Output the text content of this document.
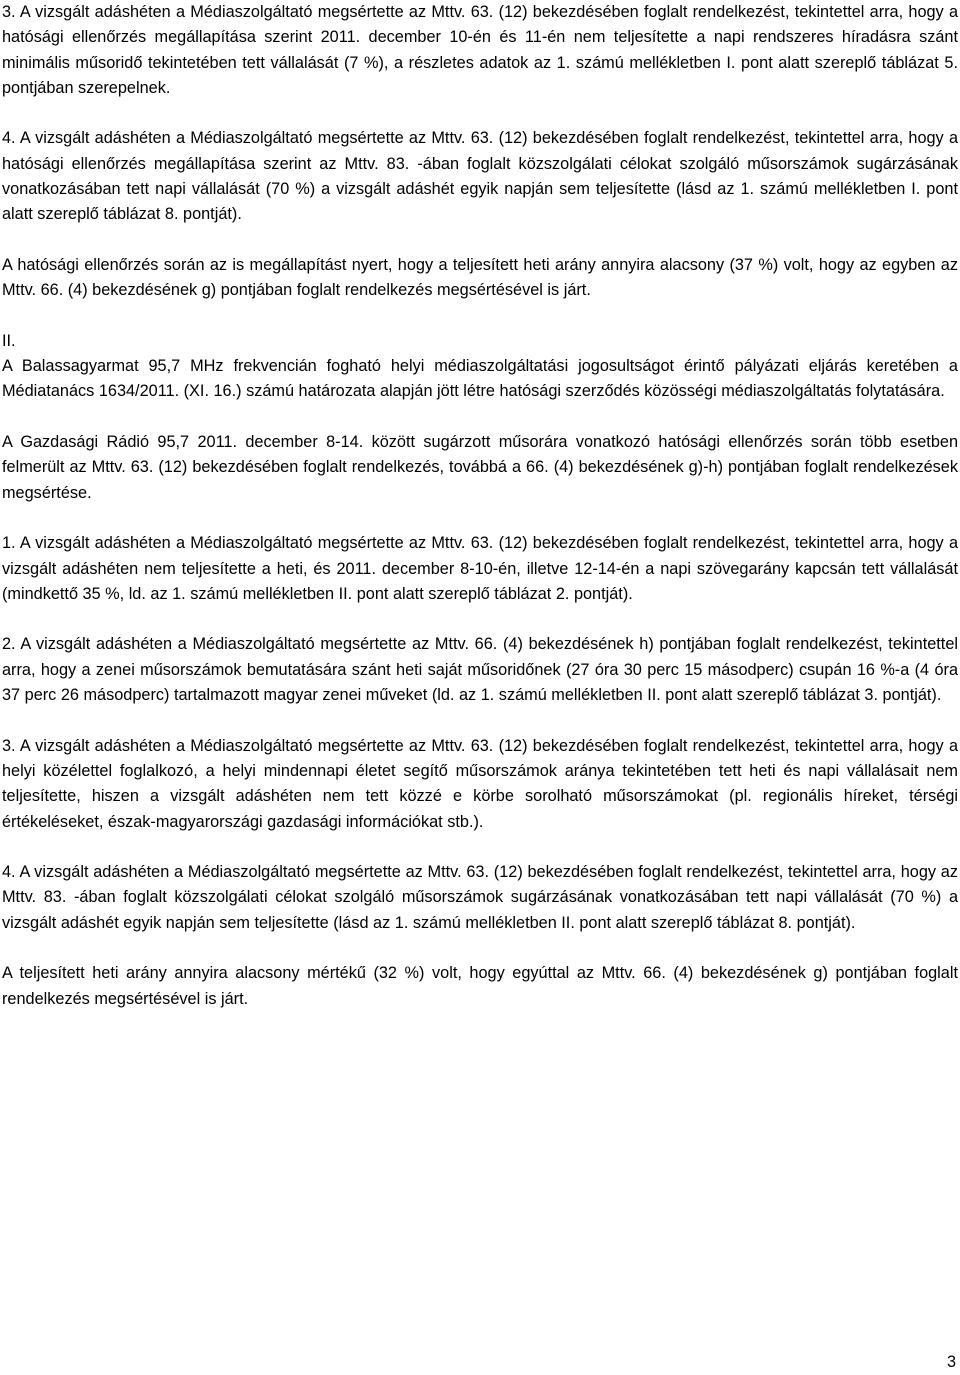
3. A vizsgált adáshéten a Médiaszolgáltató megsértette az Mttv. 63. (12) bekezdésében foglalt rendelkezést, tekintettel arra, hogy a hatósági ellenőrzés megállapítása szerint 2011. december 10-én és 11-én nem teljesítette a napi rendszeres híradásra szánt minimális műsoridő tekintetében tett vállalását (7 %), a részletes adatok az 1. számú mellékletben I. pont alatt szereplő táblázat 5. pontjában szerepelnek.

4. A vizsgált adáshéten a Médiaszolgáltató megsértette az Mttv. 63. (12) bekezdésében foglalt rendelkezést, tekintettel arra, hogy a hatósági ellenőrzés megállapítása szerint az Mttv. 83. -ában foglalt közszolgálati célokat szolgáló műsorszámok sugárzásának vonatkozásában tett napi vállalását (70 %) a vizsgált adáshét egyik napján sem teljesítette (lásd az 1. számú mellékletben I. pont alatt szereplő táblázat 8. pontját).

A hatósági ellenőrzés során az is megállapítást nyert, hogy a teljesített heti arány annyira alacsony (37 %) volt, hogy az egyben az Mttv. 66. (4) bekezdésének g) pontjában foglalt rendelkezés megsértésével is járt.

II.

A Balassagyarmat 95,7 MHz frekvencián fogható helyi médiaszolgáltatási jogosultságot érintő pályázati eljárás keretében a Médiatanács 1634/2011. (XI. 16.) számú határozata alapján jött létre hatósági szerződés közösségi médiaszolgáltatás folytatására.

A Gazdasági Rádió 95,7 2011. december 8-14. között sugárzott műsorára vonatkozó hatósági ellenőrzés során több esetben felmerült az Mttv. 63. (12) bekezdésében foglalt rendelkezés, továbbá a 66. (4) bekezdésének g)-h) pontjában foglalt rendelkezések megsértése.

1. A vizsgált adáshéten a Médiaszolgáltató megsértette az Mttv. 63. (12) bekezdésében foglalt rendelkezést, tekintettel arra, hogy a vizsgált adáshéten nem teljesítette a heti, és 2011. december 8-10-én, illetve 12-14-én a napi szövegarány kapcsán tett vállalását (mindkettő 35 %, ld. az 1. számú mellékletben II. pont alatt szereplő táblázat 2. pontját).

2. A vizsgált adáshéten a Médiaszolgáltató megsértette az Mttv. 66. (4) bekezdésének h) pontjában foglalt rendelkezést, tekintettel arra, hogy a zenei műsorszámok bemutatására szánt heti saját műsoridőnek (27 óra 30 perc 15 másodperc) csupán 16 %-a (4 óra 37 perc 26 másodperc) tartalmazott magyar zenei műveket (ld. az 1. számú mellékletben II. pont alatt szereplő táblázat 3. pontját).

3. A vizsgált adáshéten a Médiaszolgáltató megsértette az Mttv. 63. (12) bekezdésében foglalt rendelkezést, tekintettel arra, hogy a helyi közélettel foglalkozó, a helyi mindennapi életet segítő műsorszámok aránya tekintetében tett heti és napi vállalásait nem teljesítette, hiszen a vizsgált adáshéten nem tett közzé e körbe sorolható műsorszámokat (pl. regionális híreket, térségi értékeléseket, észak-magyarországi gazdasági információkat stb.).

4. A vizsgált adáshéten a Médiaszolgáltató megsértette az Mttv. 63. (12) bekezdésében foglalt rendelkezést, tekintettel arra, hogy az Mttv. 83. -ában foglalt közszolgálati célokat szolgáló műsorszámok sugárzásának vonatkozásában tett napi vállalását (70 %) a vizsgált adáshét egyik napján sem teljesítette (lásd az 1. számú mellékletben II. pont alatt szereplő táblázat 8. pontját).

A teljesített heti arány annyira alacsony mértékű (32 %) volt, hogy egyúttal az Mttv. 66. (4) bekezdésének g) pontjában foglalt rendelkezés megsértésével is járt.

3
